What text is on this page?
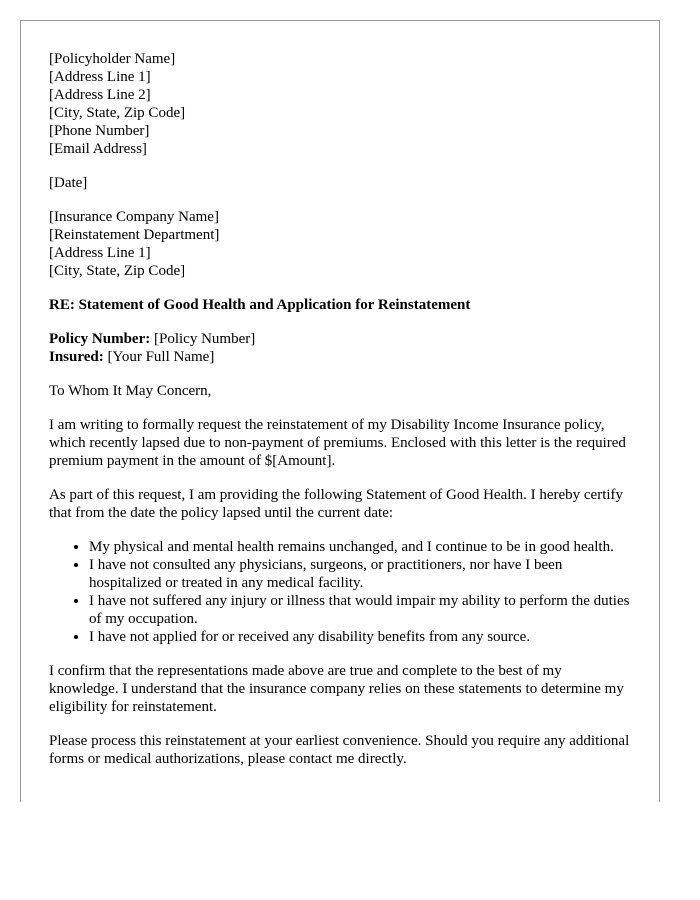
[Policyholder Name]
[Address Line 1]
[Address Line 2]
[City, State, Zip Code]
[Phone Number]
[Email Address]
[Date]
[Insurance Company Name]
[Reinstatement Department]
[Address Line 1]
[City, State, Zip Code]

RE: Statement of Good Health and Application for Reinstatement

Policy Number: [Policy Number]
Insured: [Your Full Name]

To Whom It May Concern,

I am writing to formally request the reinstatement of my Disability Income Insurance policy, which recently lapsed due to non-payment of premiums. Enclosed with this letter is the required premium payment in the amount of $[Amount].

As part of this request, I am providing the following Statement of Good Health. I hereby certify that from the date the policy lapsed until the current date:

• My physical and mental health remains unchanged, and I continue to be in good health.
• I have not consulted any physicians, surgeons, or practitioners, nor have I been hospitalized or treated in any medical facility.
• I have not suffered any injury or illness that would impair my ability to perform the duties of my occupation.
• I have not applied for or received any disability benefits from any source.

I confirm that the representations made above are true and complete to the best of my knowledge. I understand that the insurance company relies on these statements to determine my eligibility for reinstatement.

Please process this reinstatement at your earliest convenience. Should you require any additional forms or medical authorizations, please contact me directly.
